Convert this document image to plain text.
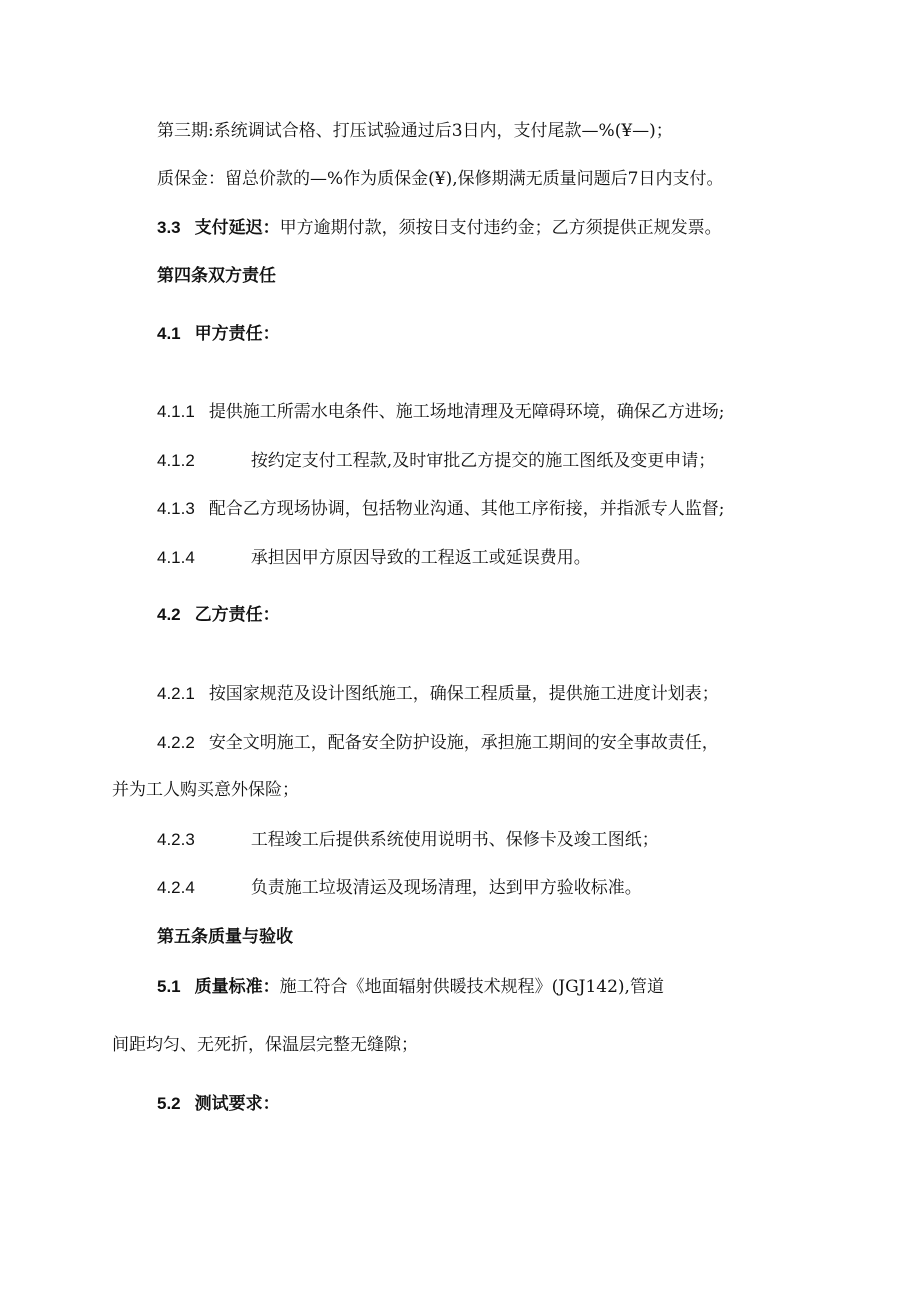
第三期:系统调试合格、打压试验通过后3日内，支付尾款—%(¥—)；
质保金：留总价款的—%作为质保金(¥),保修期满无质量问题后7日内支付。
3.3 支付延迟：甲方逾期付款，须按日支付违约金；乙方须提供正规发票。
第四条双方责任
4.1 甲方责任：
4.1.1 提供施工所需水电条件、施工场地清理及无障碍环境，确保乙方进场;
4.1.2	按约定支付工程款,及时审批乙方提交的施工图纸及变更申请；
4.1.3 配合乙方现场协调，包括物业沟通、其他工序衔接，并指派专人监督;
4.1.4	承担因甲方原因导致的工程返工或延误费用。
4.2 乙方责任：
4.2.1 按国家规范及设计图纸施工，确保工程质量，提供施工进度计划表；
4.2.2 安全文明施工，配备安全防护设施，承担施工期间的安全事故责任，
并为工人购买意外保险；
4.2.3	工程竣工后提供系统使用说明书、保修卡及竣工图纸；
4.2.4	负责施工垃圾清运及现场清理，达到甲方验收标准。
第五条质量与验收
5.1 质量标准：施工符合《地面辐射供暖技术规程》(JGJ142),管道
间距均匀、无死折，保温层完整无缝隙；
5.2 测试要求：
